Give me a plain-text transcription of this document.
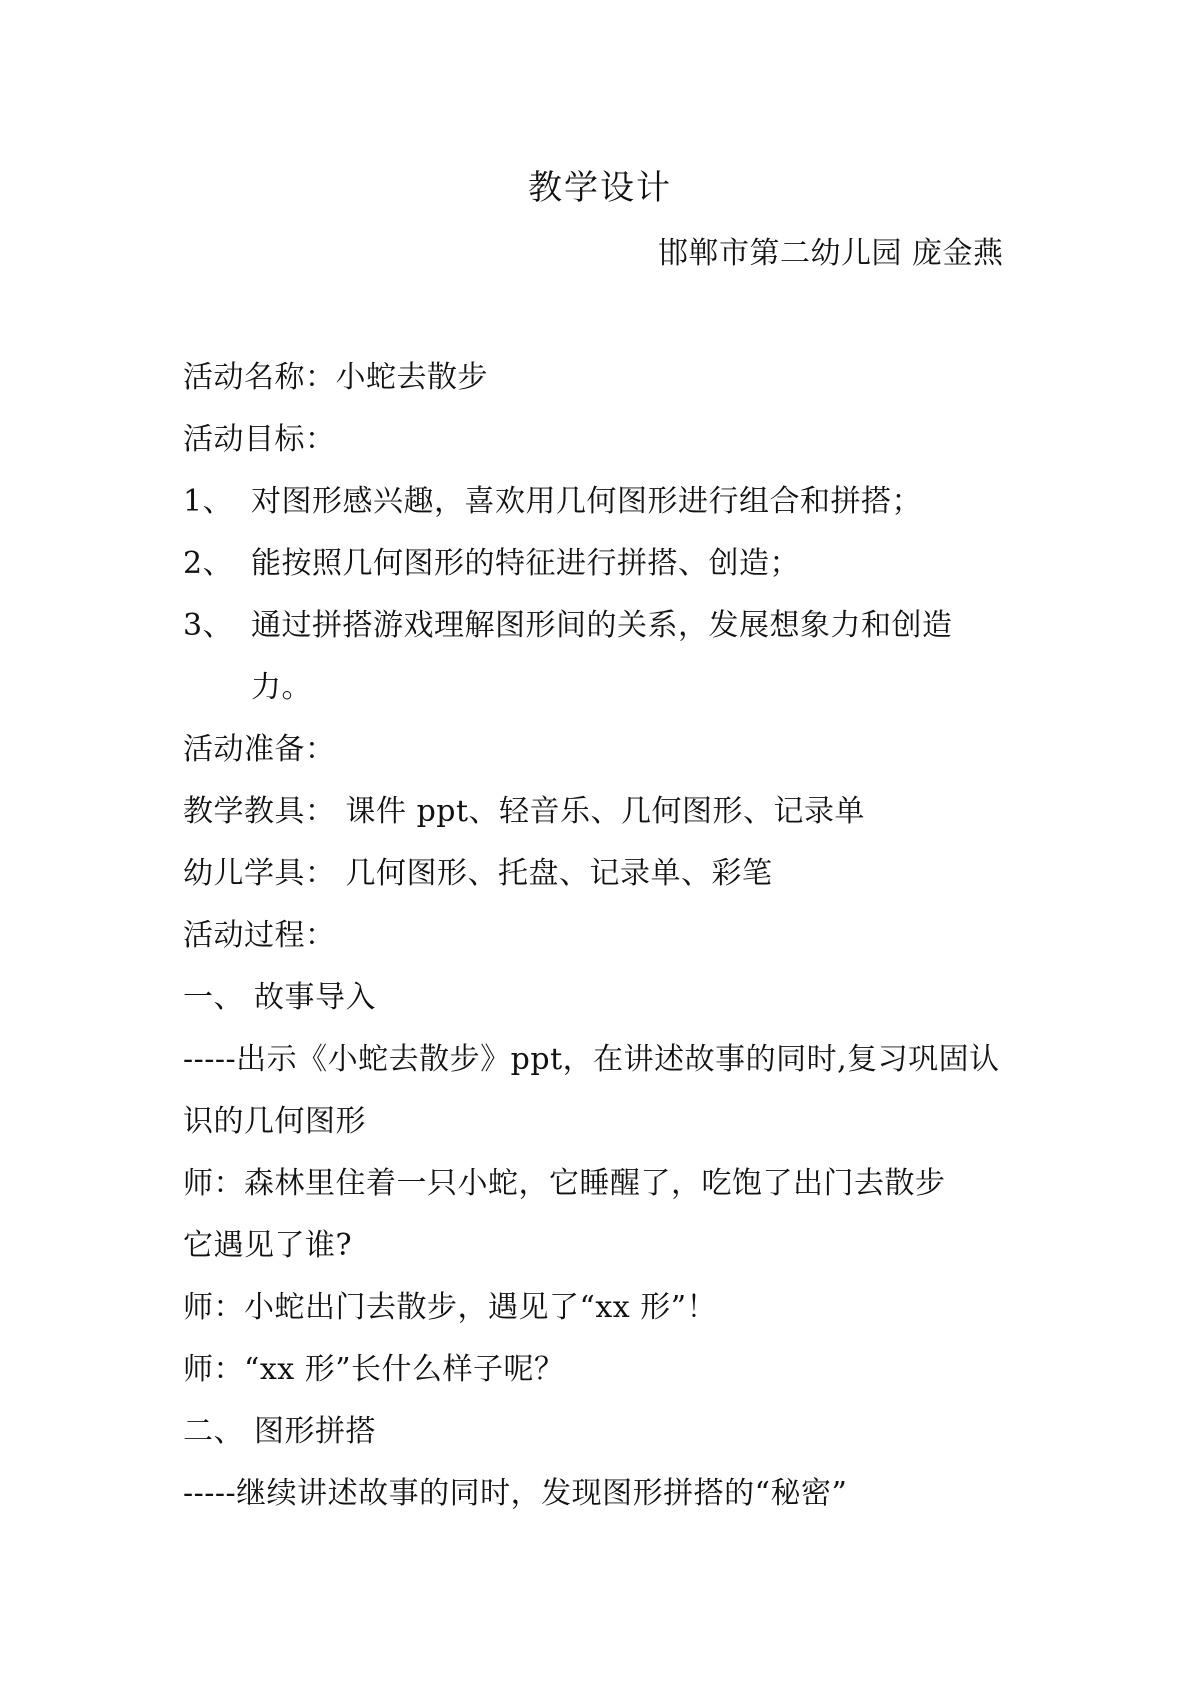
教学设计
邯郸市第二幼儿园 庞金燕
活动名称：小蛇去散步
活动目标：
1、 对图形感兴趣，喜欢用几何图形进行组合和拼搭；
2、 能按照几何图形的特征进行拼搭、创造；
3、 通过拼搭游戏理解图形间的关系，发展想象力和创造
力。
活动准备：
教学教具： 课件 ppt、轻音乐、几何图形、记录单
幼儿学具： 几何图形、托盘、记录单、彩笔
活动过程：
一、 故事导入
-----出示《小蛇去散步》ppt，在讲述故事的同时,复习巩固认
识的几何图形
师：森林里住着一只小蛇，它睡醒了，吃饱了出门去散步
它遇见了谁?
师：小蛇出门去散步，遇见了“xx 形”！
师：“xx 形”长什么样子呢？
二、 图形拼搭
-----继续讲述故事的同时，发现图形拼搭的“秘密”
